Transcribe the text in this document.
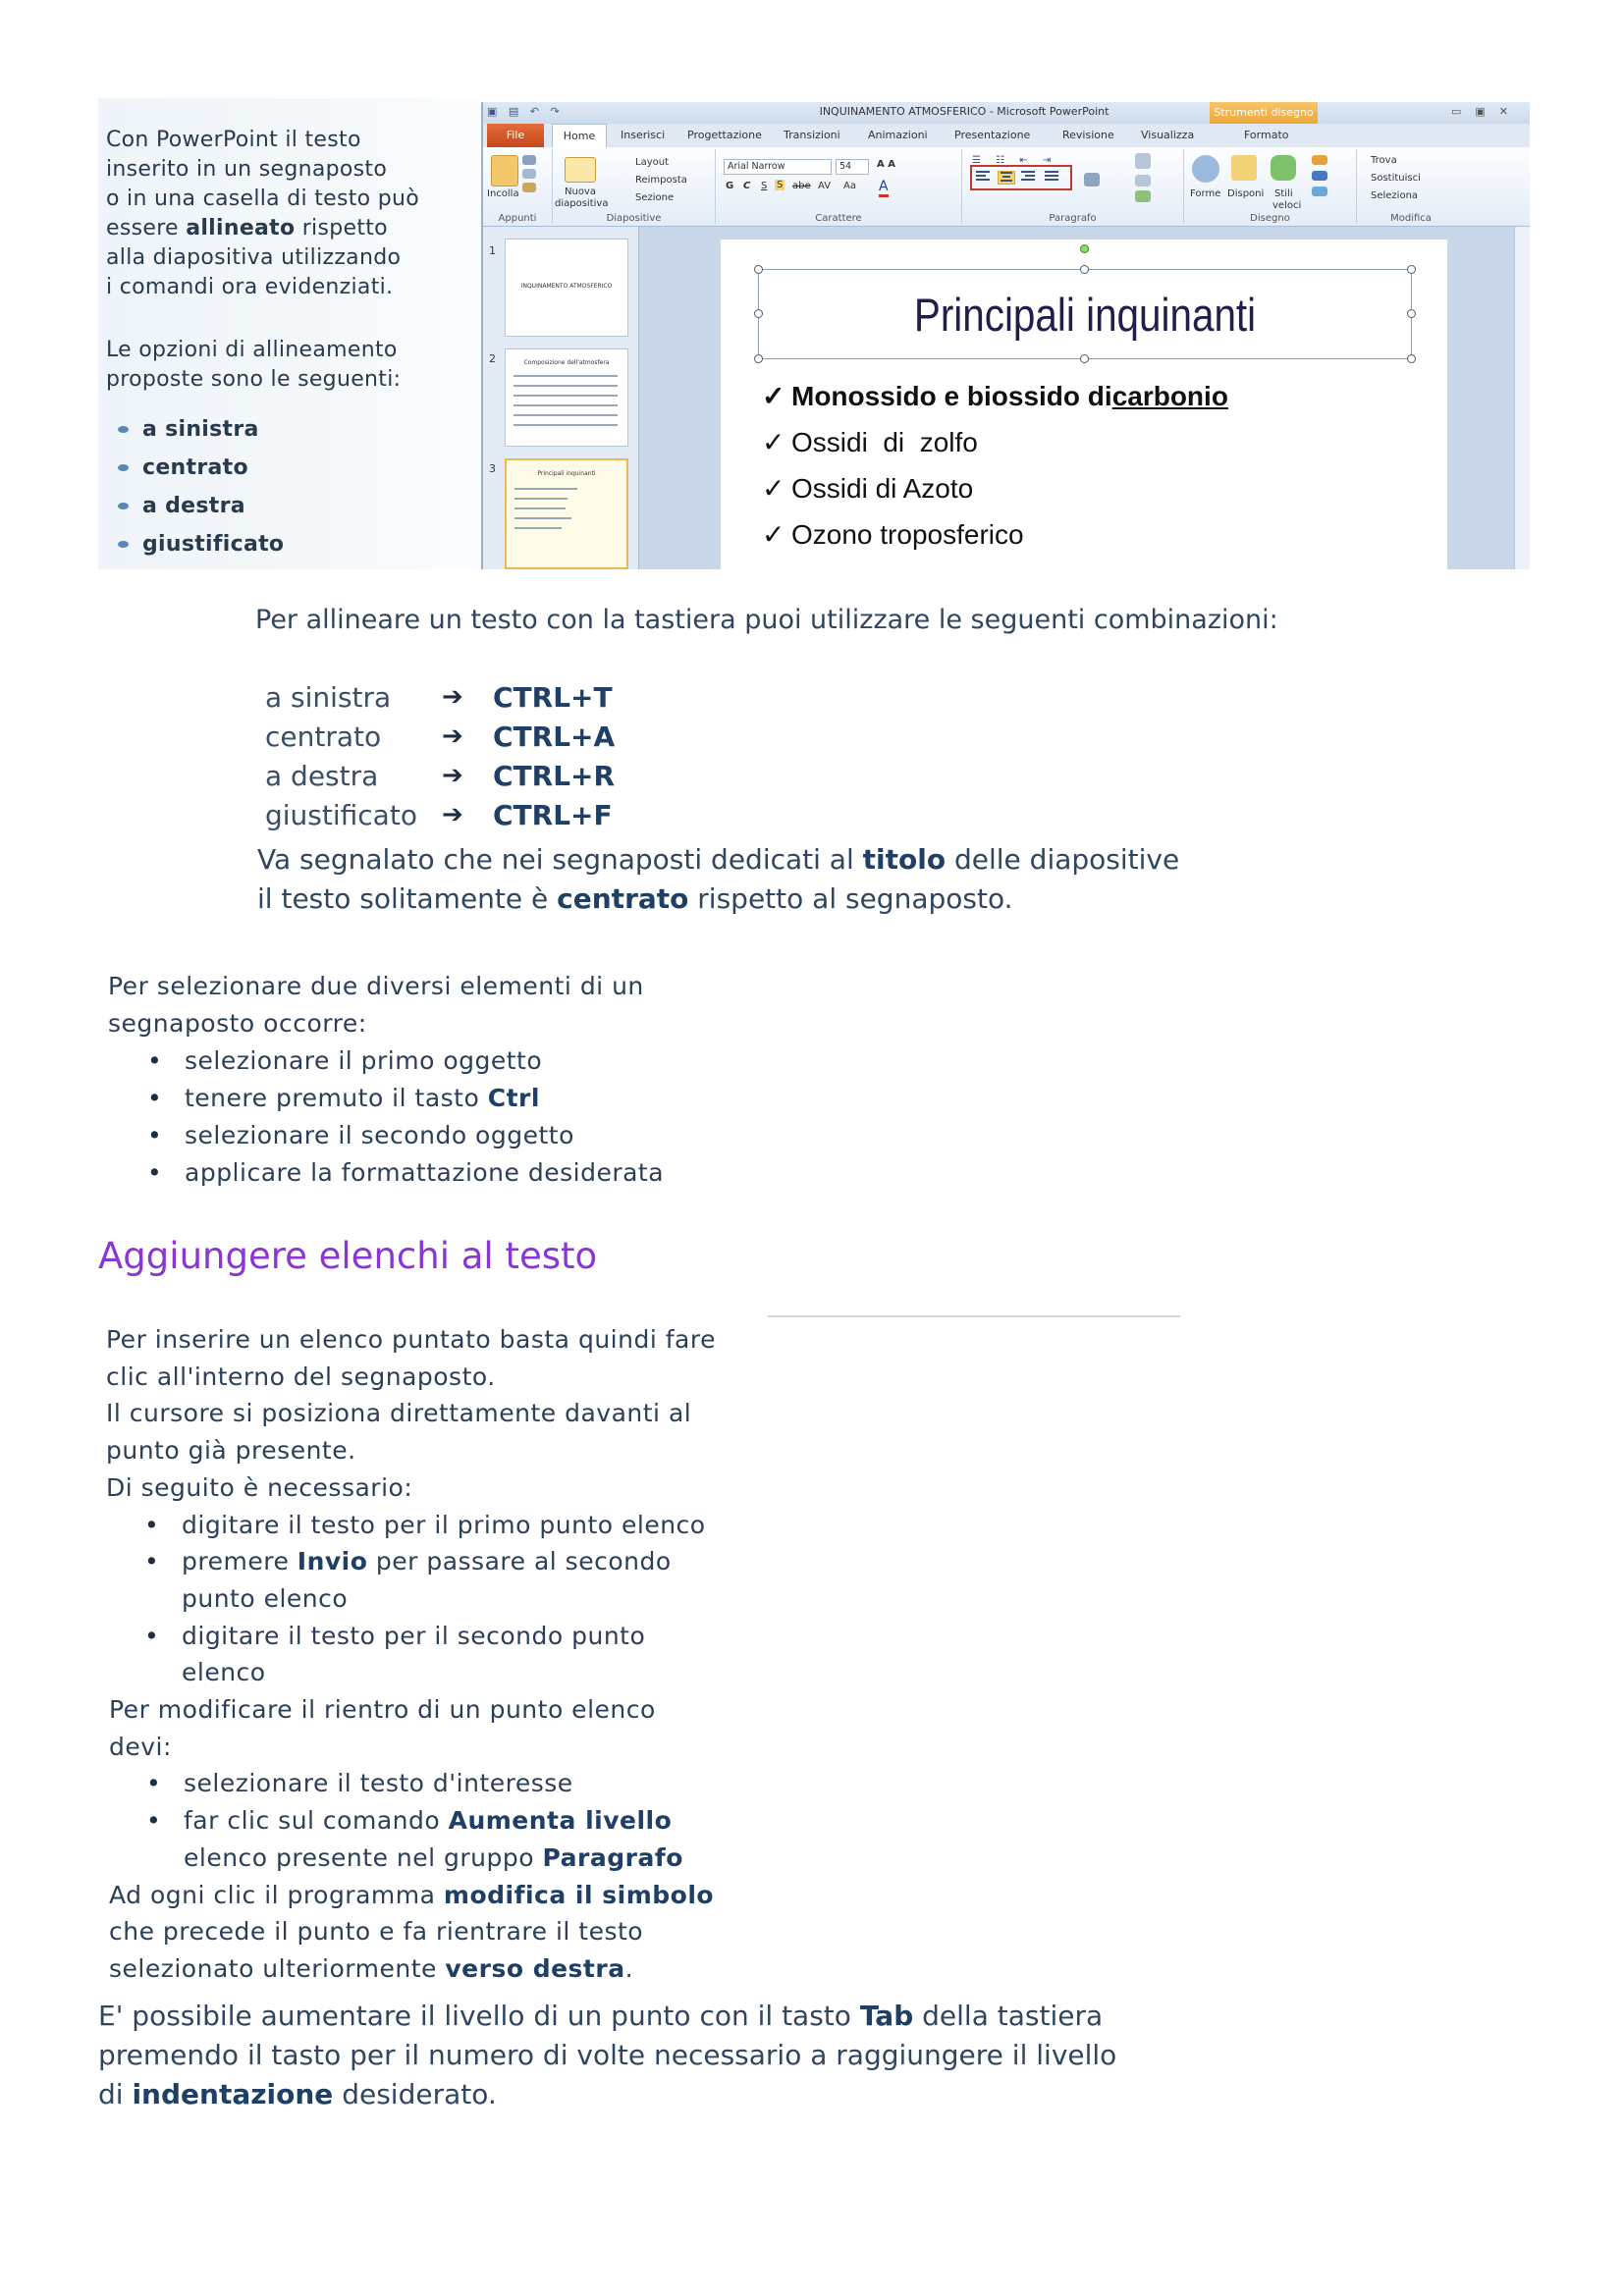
Con PowerPoint il testo

inserito in un segnaposto

o in una casella di testo può

essere allineato rispetto

alla diapositiva utilizzando

i comandi ora evidenziati.

Le opzioni di allineamento

proposte sono le seguenti:

a sinistra
centrato
a destra
giustificato
▣ ▤ ↶ ↷	INQUINAMENTO ATMOSFERICO - Microsoft PowerPoint	Strumenti disegno	▭▣✕
File	Home	Inserisci Progettazione Transizioni	Animazioni Presentazione	Revisione Visualizza	Formato
Incolla
Appunti
Nuova
diapositiva
Layout
Reimposta
Sezione
Diapositive
Arial Narrow	54	A A
G C S S abe AV Aa A
Carattere
☰ ☷ ⇤ ⇥
Paragrafo
Forme Disponi Stili
veloci
Disegno
Trova
Sostituisci
Seleziona
Modifica
1
INQUINAMENTO ATMOSFERICO
2	Composizione dell'atmosfera
3	Principali inquinanti
Principali inquinanti
✓ Monossido e biossido di carbonio
✓ Ossidi  di  zolfo
✓ Ossidi di Azoto
✓ Ozono troposferico
Per allineare un testo con la tastiera puoi utilizzare le seguenti combinazioni:
a sinistra	➔	CTRL+T
centrato	➔	CTRL+A
a destra	➔	CTRL+R
giustificato ➔	CTRL+F
Va segnalato che nei segnaposti dedicati al titolo delle diapositive
il testo solitamente è centrato rispetto al segnaposto.
Per selezionare due diversi elementi di un
segnaposto occorre:
• selezionare il primo oggetto
• tenere premuto il tasto Ctrl
• selezionare il secondo oggetto
• applicare la formattazione desiderata
Aggiungere elenchi al testo

Per inserire un elenco puntato basta quindi fare

clic all'interno del segnaposto.

Il cursore si posiziona direttamente davanti al

punto già presente.

Di seguito è necessario:

• digitare il testo per il primo punto elenco
• premere Invio per passare al secondo
punto elenco
• digitare il testo per il secondo punto
elenco

Per modificare il rientro di un punto elenco

devi:

• selezionare il testo d'interesse
• far clic sul comando Aumenta livello
elenco presente nel gruppo Paragrafo

Ad ogni clic il programma modifica il simbolo

che precede il punto e fa rientrare il testo

selezionato ulteriormente verso destra.

E' possibile aumentare il livello di un punto con il tasto Tab della tastiera
premendo il tasto per il numero di volte necessario a raggiungere il livello
di indentazione desiderato.
